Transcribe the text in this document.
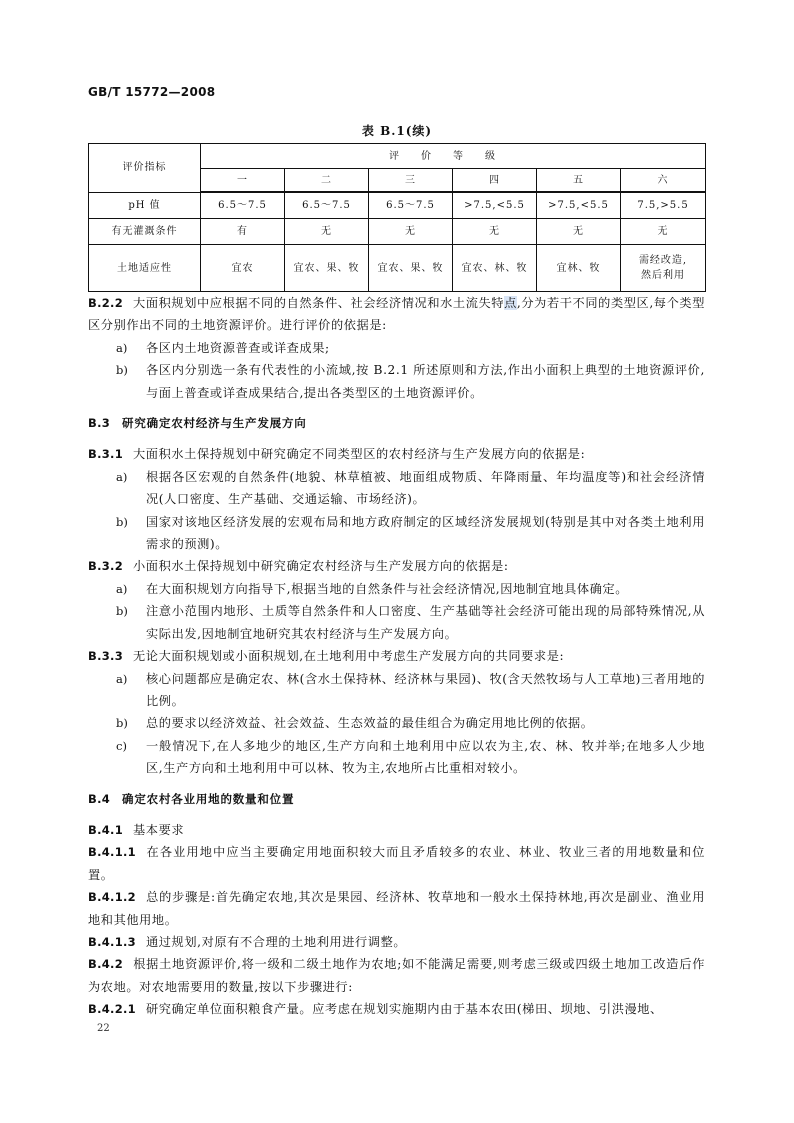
GB/T 15772—2008
表 B.1(续)
评价指标	评价等级					
	一	二	三	四	五	六
pH 值	6.5～7.5	6.5～7.5	6.5～7.5	>7.5,<5.5	>7.5,<5.5	7.5,>5.5
有无灌溉条件	有	无	无	无	无	无
土地适应性	宜农	宜农、果、牧	宜农、果、牧	宜农、林、牧	宜林、牧	需经改造,
然后利用

B.2.2 大面积规划中应根据不同的自然条件、社会经济情况和水土流失特点,分为若干不同的类型区,每个类型区分别作出不同的土地资源评价。进行评价的依据是:

a)	各区内土地资源普查或详查成果;
b)	各区内分别选一条有代表性的小流域,按 B.2.1 所述原则和方法,作出小面积上典型的土地资源评价,与面上普查或详查成果结合,提出各类型区的土地资源评价。
B.3 研究确定农村经济与生产发展方向

B.3.1 大面积水土保持规划中研究确定不同类型区的农村经济与生产发展方向的依据是:

a)	根据各区宏观的自然条件(地貌、林草植被、地面组成物质、年降雨量、年均温度等)和社会经济情况(人口密度、生产基础、交通运输、市场经济)。
b)	国家对该地区经济发展的宏观布局和地方政府制定的区域经济发展规划(特别是其中对各类土地利用需求的预测)。

B.3.2 小面积水土保持规划中研究确定农村经济与生产发展方向的依据是:

a)	在大面积规划方向指导下,根据当地的自然条件与社会经济情况,因地制宜地具体确定。
b)	注意小范围内地形、土质等自然条件和人口密度、生产基础等社会经济可能出现的局部特殊情况,从实际出发,因地制宜地研究其农村经济与生产发展方向。

B.3.3 无论大面积规划或小面积规划,在土地利用中考虑生产发展方向的共同要求是:

a)	核心问题都应是确定农、林(含水土保持林、经济林与果园)、牧(含天然牧场与人工草地)三者用地的比例。
b)	总的要求以经济效益、社会效益、生态效益的最佳组合为确定用地比例的依据。
c)	一般情况下,在人多地少的地区,生产方向和土地利用中应以农为主,农、林、牧并举;在地多人少地区,生产方向和土地利用中可以林、牧为主,农地所占比重相对较小。
B.4 确定农村各业用地的数量和位置

B.4.1 基本要求

B.4.1.1 在各业用地中应当主要确定用地面积较大而且矛盾较多的农业、林业、牧业三者的用地数量和位置。

B.4.1.2 总的步骤是:首先确定农地,其次是果园、经济林、牧草地和一般水土保持林地,再次是副业、渔业用地和其他用地。

B.4.1.3 通过规划,对原有不合理的土地利用进行调整。

B.4.2 根据土地资源评价,将一级和二级土地作为农地;如不能满足需要,则考虑三级或四级土地加工改造后作为农地。对农地需要用的数量,按以下步骤进行:

B.4.2.1 研究确定单位面积粮食产量。应考虑在规划实施期内由于基本农田(梯田、坝地、引洪漫地、

22
